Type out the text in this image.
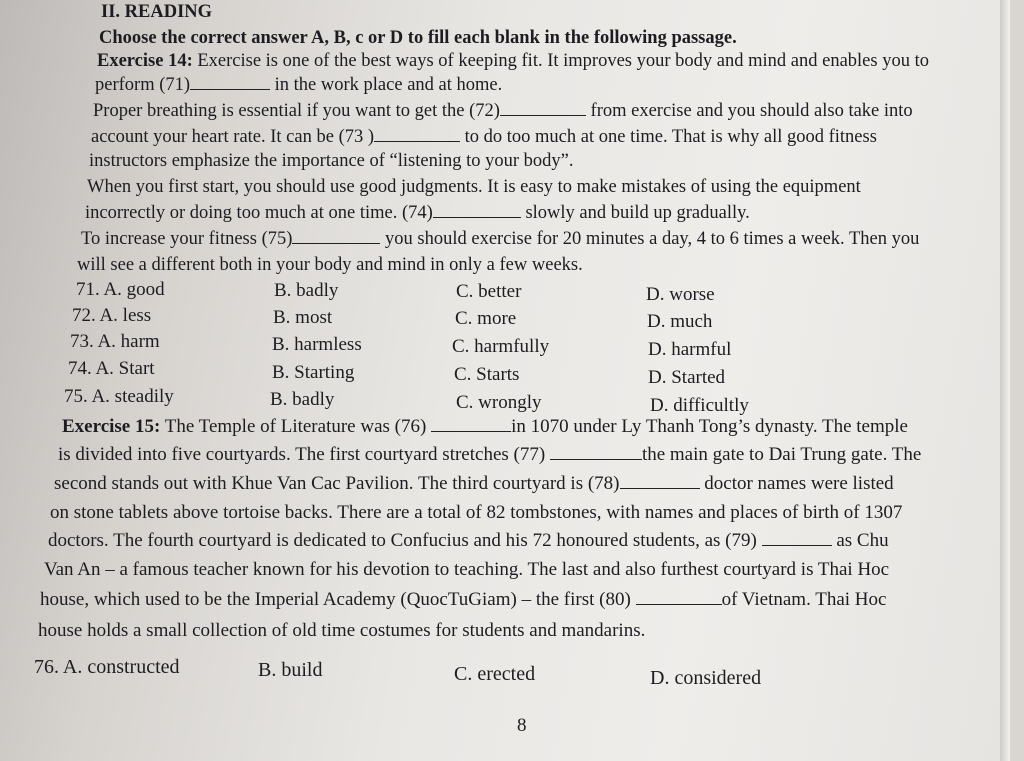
II. READING
Choose the correct answer A, B, c or D to fill each blank in the following passage.
Exercise 14: Exercise is one of the best ways of keeping fit. It improves your body and mind and enables you to
perform (71)	in the work place and at home.
Proper breathing is essential if you want to get the (72)	from exercise and you should also take into
account your heart rate. It can be (73 )	to do too much at one time. That is why all good fitness
instructors emphasize the importance of “listening to your body”.
When you first start, you should use good judgments. It is easy to make mistakes of using the equipment
incorrectly or doing too much at one time. (74)	slowly and build up gradually.
To increase your fitness (75)	you should exercise for 20 minutes a day, 4 to 6 times a week. Then you
will see a different both in your body and mind in only a few weeks.
71. A. good	B. badly	C. better	D. worse
72. A. less	B. most	C. more	D. much
73. A. harm	B. harmless	C. harmfully	D. harmful
74. A. Start	B. Starting	C. Starts	D. Started
75. A. steadily	B. badly	C. wrongly	D. difficultly
Exercise 15: The Temple of Literature was (76)	in 1070 under Ly Thanh Tong’s dynasty. The temple
is divided into five courtyards. The first courtyard stretches (77)	the main gate to Dai Trung gate. The
second stands out with Khue Van Cac Pavilion. The third courtyard is (78)	doctor names were listed
on stone tablets above tortoise backs. There are a total of 82 tombstones, with names and places of birth of 1307
doctors. The fourth courtyard is dedicated to Confucius and his 72 honoured students, as (79)	as Chu
Van An – a famous teacher known for his devotion to teaching. The last and also furthest courtyard is Thai Hoc
house, which used to be the Imperial Academy (QuocTuGiam) – the first (80)	of Vietnam. Thai Hoc
house holds a small collection of old time costumes for students and mandarins.
76. A. constructed	B. build	C. erected	D. considered
8
